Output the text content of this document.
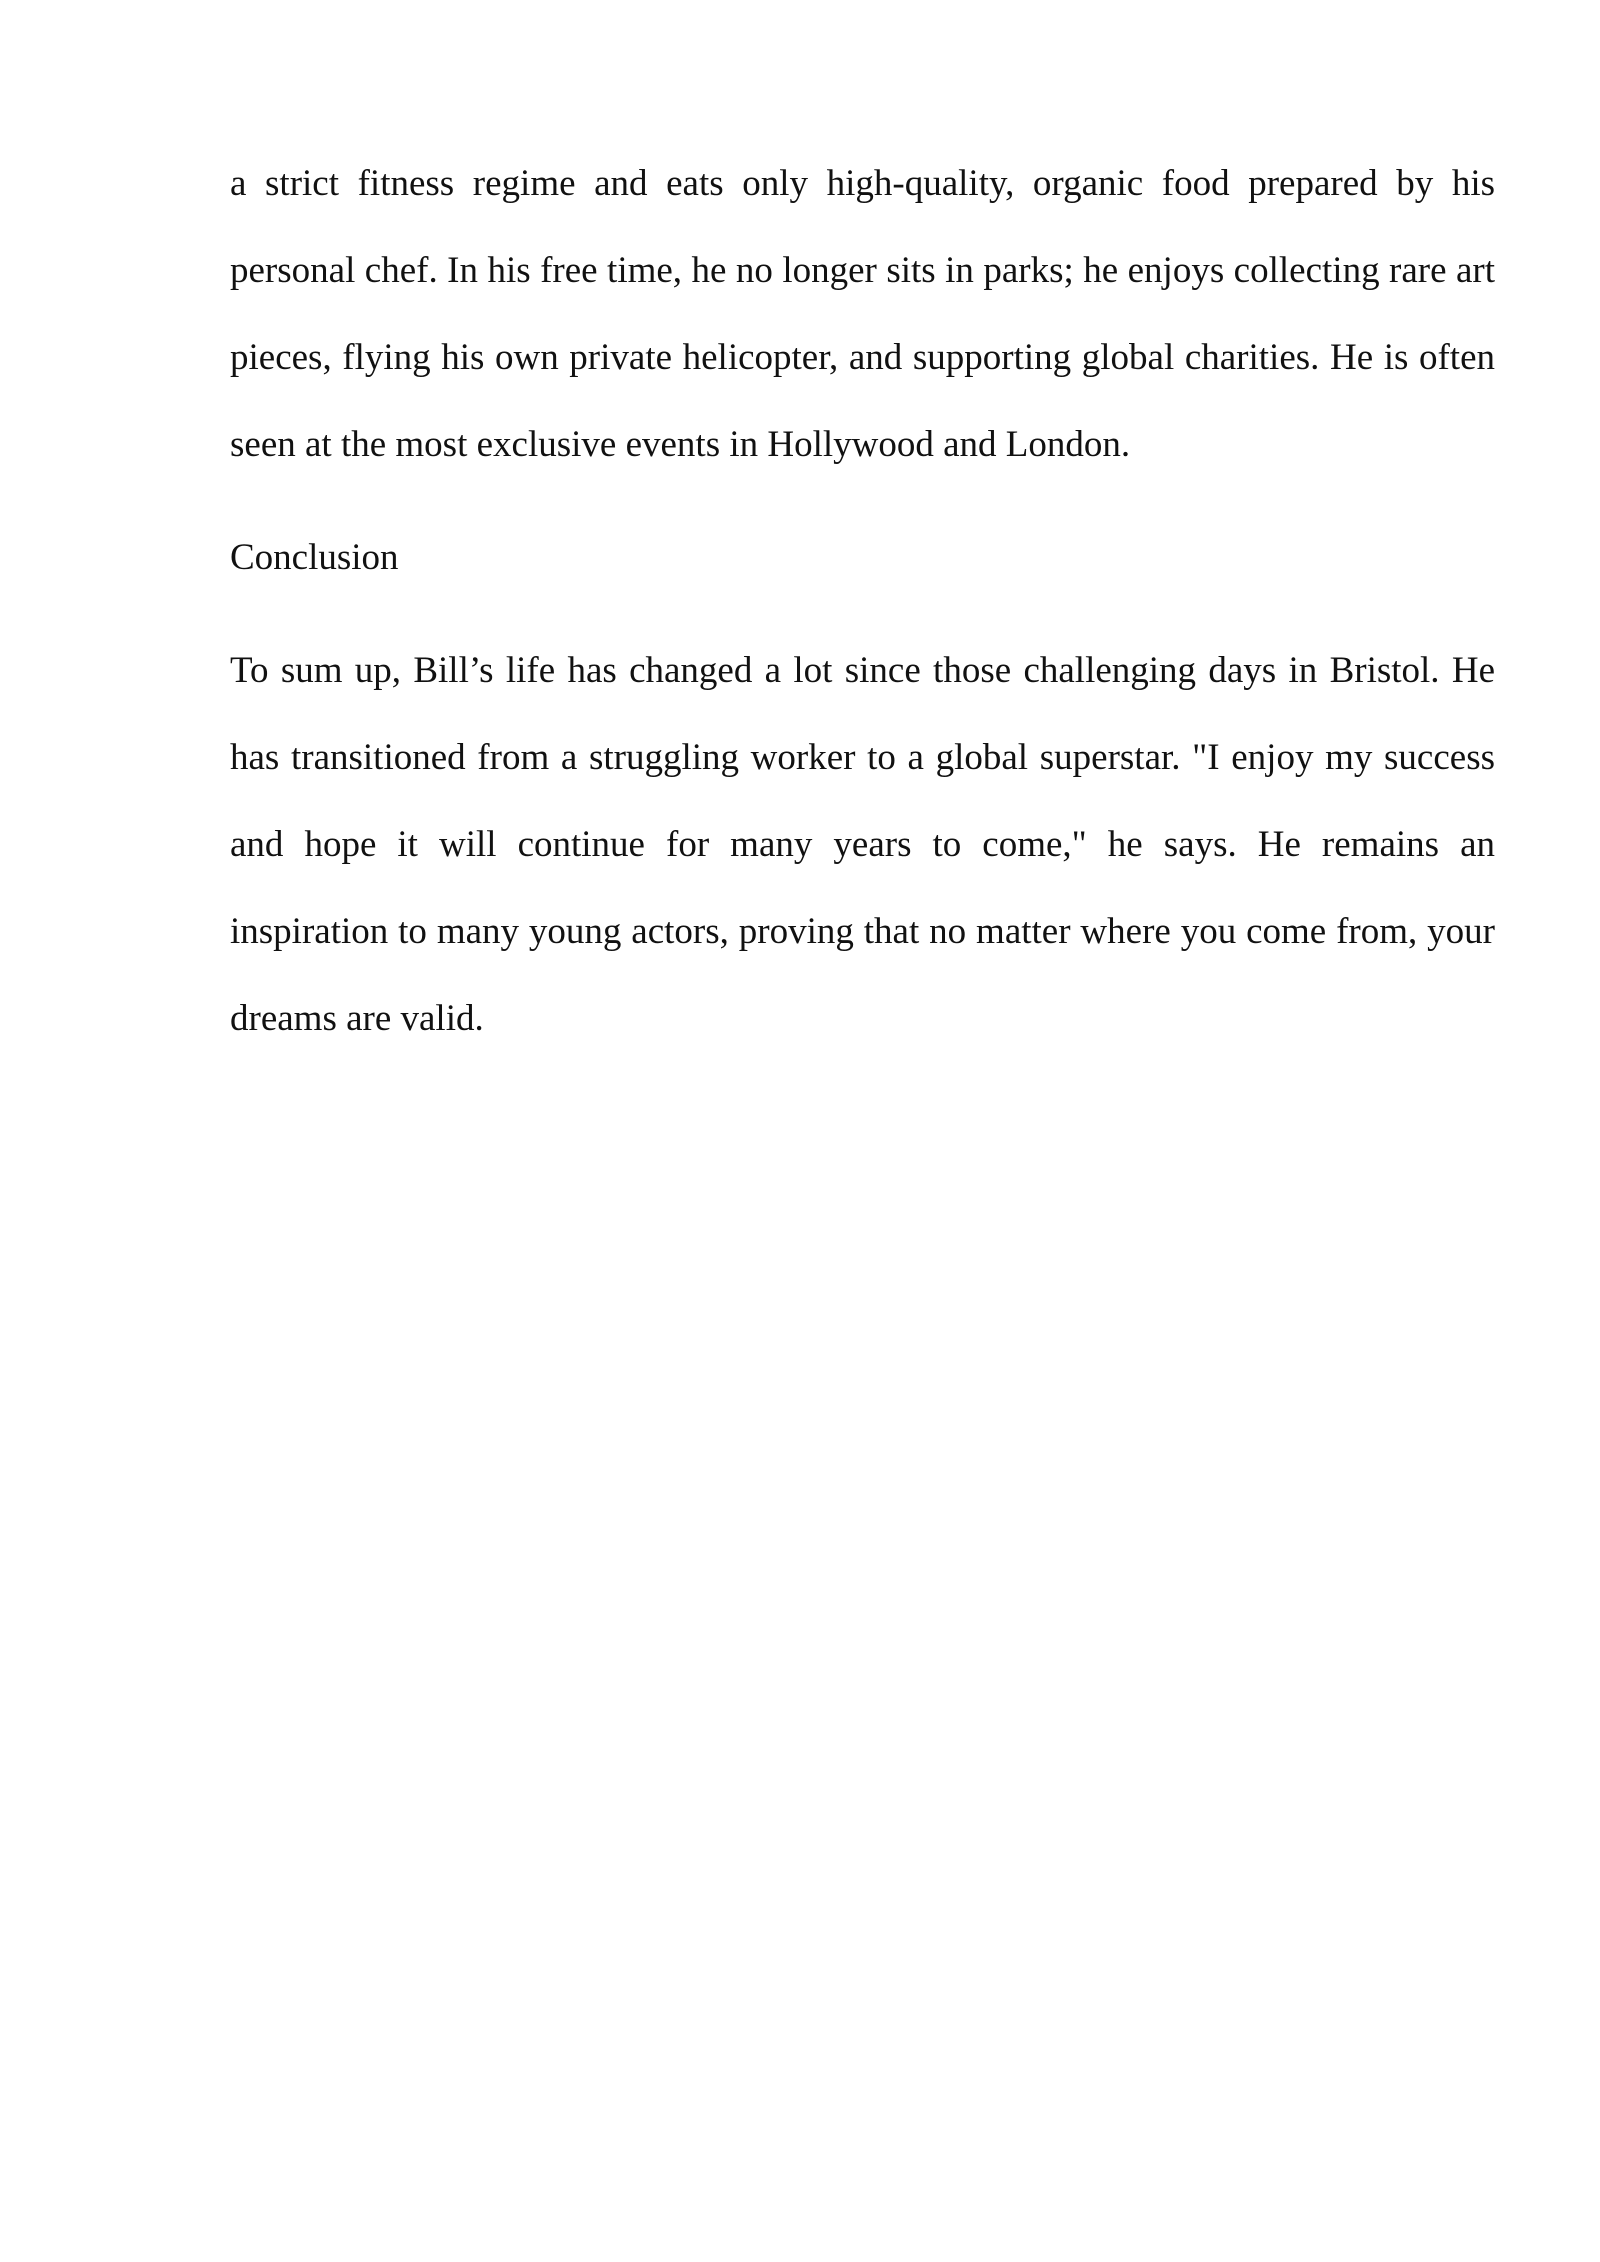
a strict fitness regime and eats only high-quality, organic food prepared by his personal chef. In his free time, he no longer sits in parks; he enjoys collecting rare art pieces, flying his own private helicopter, and supporting global charities. He is often seen at the most exclusive events in Hollywood and London.

Conclusion

To sum up, Bill’s life has changed a lot since those challenging days in Bristol. He has transitioned from a struggling worker to a global superstar. "I enjoy my success and hope it will continue for many years to come," he says. He remains an inspiration to many young actors, proving that no matter where you come from, your dreams are valid.
